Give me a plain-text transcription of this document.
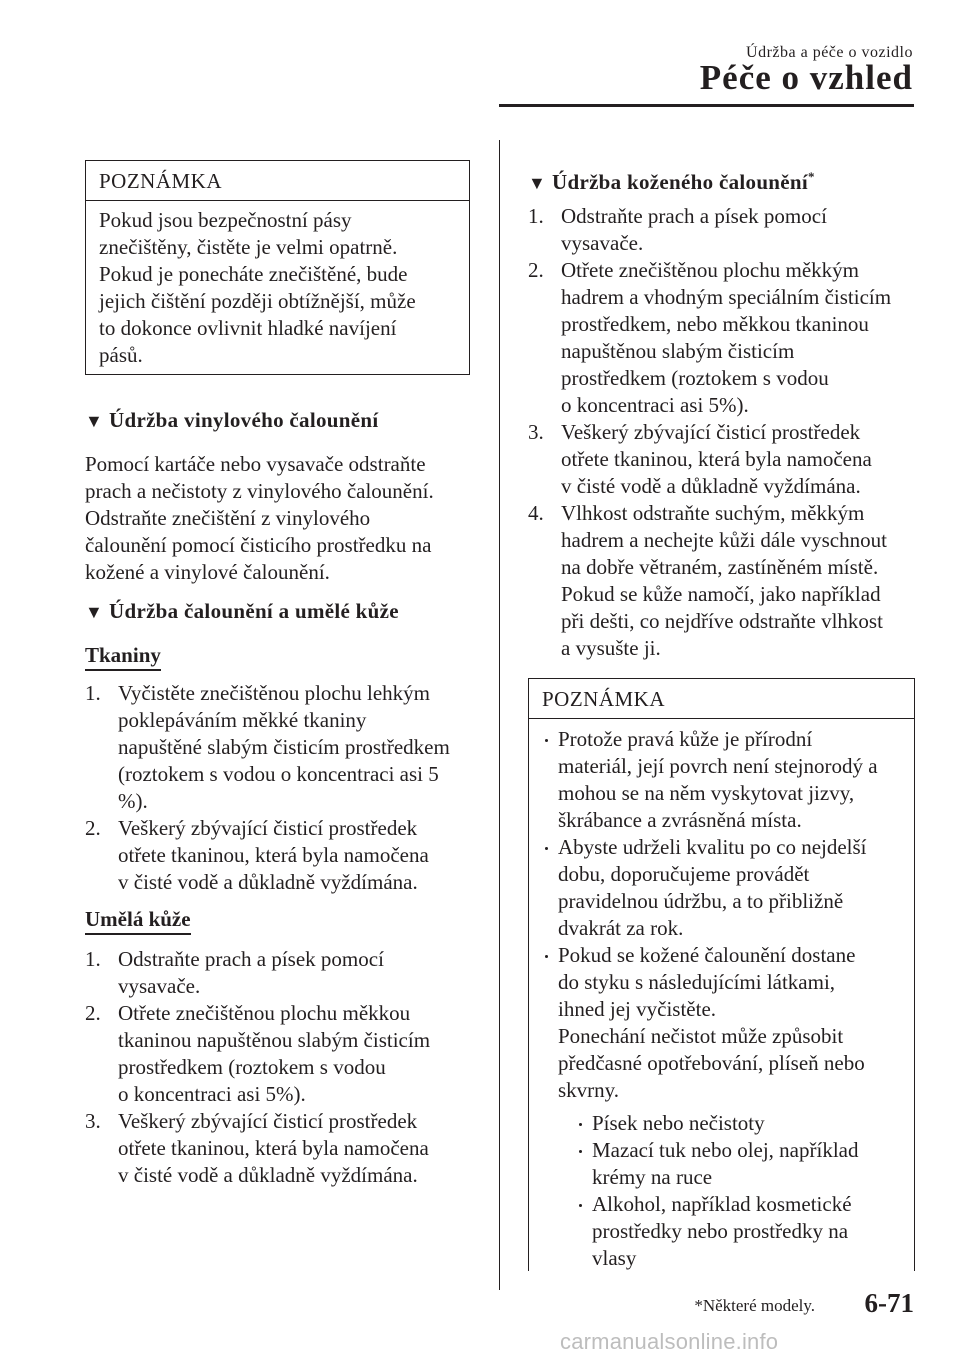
Údržba a péče o vozidlo
Péče o vzhled
POZNÁMKA

Pokud jsou bezpečnostní pásy

znečištěny, čistěte je velmi opatrně.

Pokud je ponecháte znečištěné, bude

jejich čištění později obtížnější, může

to dokonce ovlivnit hladké navíjení

pásů.

▼ Údržba vinylového čalounění

Pomocí kartáče nebo vysavače odstraňte

prach a nečistoty z vinylového čalounění.

Odstraňte znečištění z vinylového

čalounění pomocí čisticího prostředku na

kožené a vinylové čalounění.

▼ Údržba čalounění a umělé kůže
Tkaniny
1. Vyčistěte znečištěnou plochu lehkým
poklepáváním měkké tkaniny
napuštěné slabým čisticím prostředkem
(roztokem s vodou o koncentraci asi 5
%).
2. Veškerý zbývající čisticí prostředek
otřete tkaninou, která byla namočena
v čisté vodě a důkladně vyždímána.
Umělá kůže
1. Odstraňte prach a písek pomocí
vysavače.
2. Otřete znečištěnou plochu měkkou
tkaninou napuštěnou slabým čisticím
prostředkem (roztokem s vodou
o koncentraci asi 5%).
3. Veškerý zbývající čisticí prostředek
otřete tkaninou, která byla namočena
v čisté vodě a důkladně vyždímána.
▼ Údržba koženého čalounění*
1. Odstraňte prach a písek pomocí
vysavače.
2. Otřete znečištěnou plochu měkkým
hadrem a vhodným speciálním čisticím
prostředkem, nebo měkkou tkaninou
napuštěnou slabým čisticím
prostředkem (roztokem s vodou
o koncentraci asi 5%).
3. Veškerý zbývající čisticí prostředek
otřete tkaninou, která byla namočena
v čisté vodě a důkladně vyždímána.
4. Vlhkost odstraňte suchým, měkkým
hadrem a nechejte kůži dále vyschnout
na dobře větraném, zastíněném místě.
Pokud se kůže namočí, jako například
při dešti, co nejdříve odstraňte vlhkost
a vysušte ji.
POZNÁMKA
Protože pravá kůže je přírodní
materiál, její povrch není stejnorodý a
mohou se na něm vyskytovat jizvy,
škrábance a zvrásněná místa.
Abyste udrželi kvalitu po co nejdelší
dobu, doporučujeme provádět
pravidelnou údržbu, a to přibližně
dvakrát za rok.
Pokud se kožené čalounění dostane
do styku s následujícími látkami,
ihned jej vyčistěte.
Ponechání nečistot může způsobit
předčasné opotřebování, plíseň nebo
skvrny.
Písek nebo nečistoty
Mazací tuk nebo olej, například
krémy na ruce
Alkohol, například kosmetické
prostředky nebo prostředky na
vlasy
*Některé modely. 6-71
carmanualsonline.info
